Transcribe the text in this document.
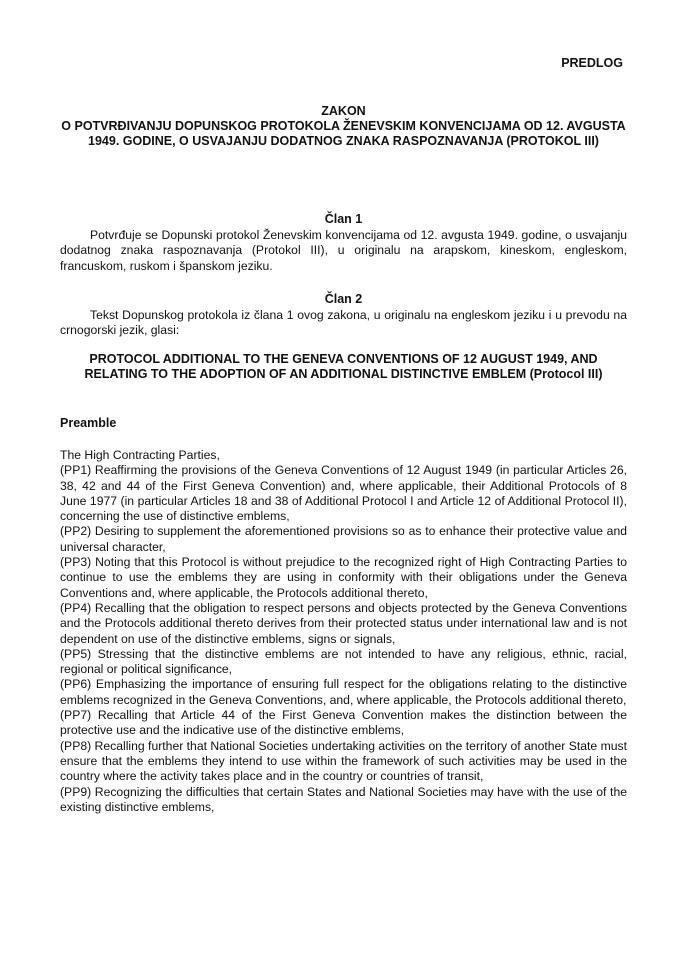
PREDLOG
ZAKON
O POTVRĐIVANJU DOPUNSKOG PROTOKOLA ŽENEVSKIM KONVENCIJAMA OD 12. AVGUSTA 1949. GODINE, O USVAJANJU DODATNOG ZNAKA RASPOZNAVANJA (PROTOKOL III)
Član 1

Potvrđuje se Dopunski protokol Ženevskim konvencijama od 12. avgusta 1949. godine, o usvajanju dodatnog znaka raspoznavanja (Protokol III), u originalu na arapskom, kineskom, engleskom, francuskom, ruskom i španskom jeziku.

Član 2

Tekst Dopunskog protokola iz člana 1 ovog zakona, u originalu na engleskom jeziku i u prevodu na crnogorski jezik, glasi:

PROTOCOL ADDITIONAL TO THE GENEVA CONVENTIONS OF 12 AUGUST 1949, AND RELATING TO THE ADOPTION OF AN ADDITIONAL DISTINCTIVE EMBLEM (Protocol III)
Preamble

The High Contracting Parties,

(PP1) Reaffirming the provisions of the Geneva Conventions of 12 August 1949 (in particular Articles 26, 38, 42 and 44 of the First Geneva Convention) and, where applicable, their Additional Protocols of 8 June 1977 (in particular Articles 18 and 38 of Additional Protocol I and Article 12 of Additional Protocol II), concerning the use of distinctive emblems,

(PP2) Desiring to supplement the aforementioned provisions so as to enhance their protective value and universal character,

(PP3) Noting that this Protocol is without prejudice to the recognized right of High Contracting Parties to continue to use the emblems they are using in conformity with their obligations under the Geneva Conventions and, where applicable, the Protocols additional thereto,

(PP4) Recalling that the obligation to respect persons and objects protected by the Geneva Conventions and the Protocols additional thereto derives from their protected status under international law and is not dependent on use of the distinctive emblems, signs or signals,

(PP5) Stressing that the distinctive emblems are not intended to have any religious, ethnic, racial, regional or political significance,

(PP6) Emphasizing the importance of ensuring full respect for the obligations relating to the distinctive emblems recognized in the Geneva Conventions, and, where applicable, the Protocols additional thereto,

(PP7) Recalling that Article 44 of the First Geneva Convention makes the distinction between the protective use and the indicative use of the distinctive emblems,

(PP8) Recalling further that National Societies undertaking activities on the territory of another State must ensure that the emblems they intend to use within the framework of such activities may be used in the country where the activity takes place and in the country or countries of transit,

(PP9) Recognizing the difficulties that certain States and National Societies may have with the use of the existing distinctive emblems,
